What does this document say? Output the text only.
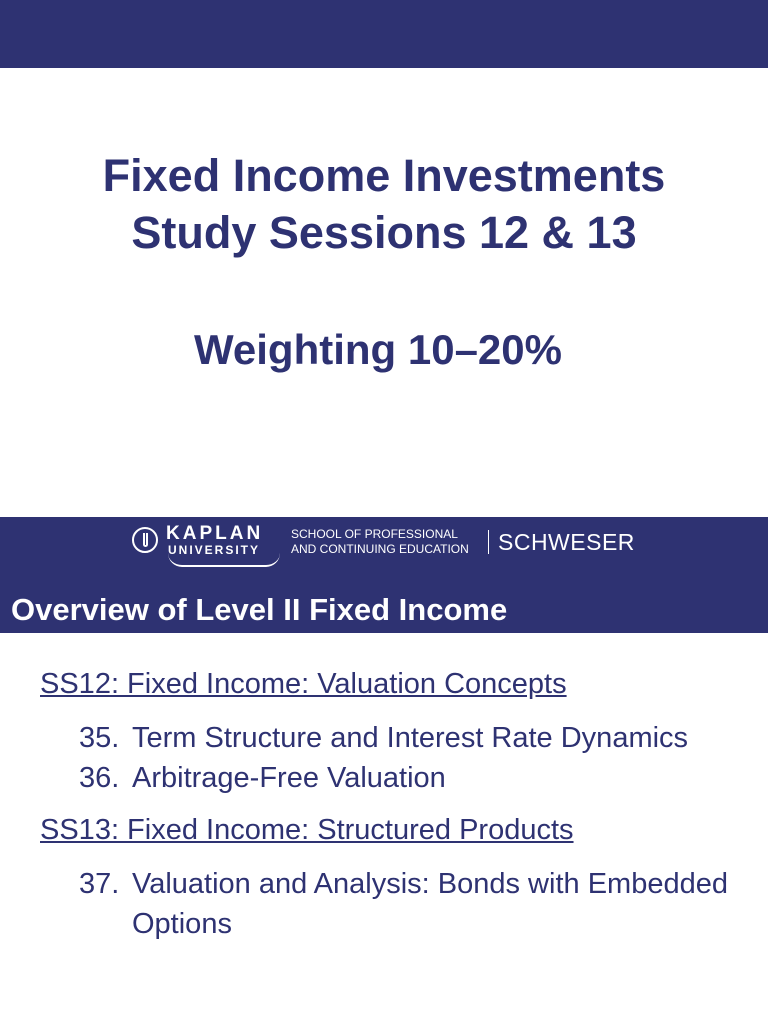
Fixed Income Investments
Study Sessions 12 & 13
Weighting 10–20%
KAPLAN
UNIVERSITY
SCHOOL OF PROFESSIONAL
AND CONTINUING EDUCATION	SCHWESER
Overview of Level II Fixed Income
SS12: Fixed Income: Valuation Concepts
35. Term Structure and Interest Rate Dynamics
36. Arbitrage-Free Valuation
SS13: Fixed Income: Structured Products
37. Valuation and Analysis: Bonds with Embedded Options
